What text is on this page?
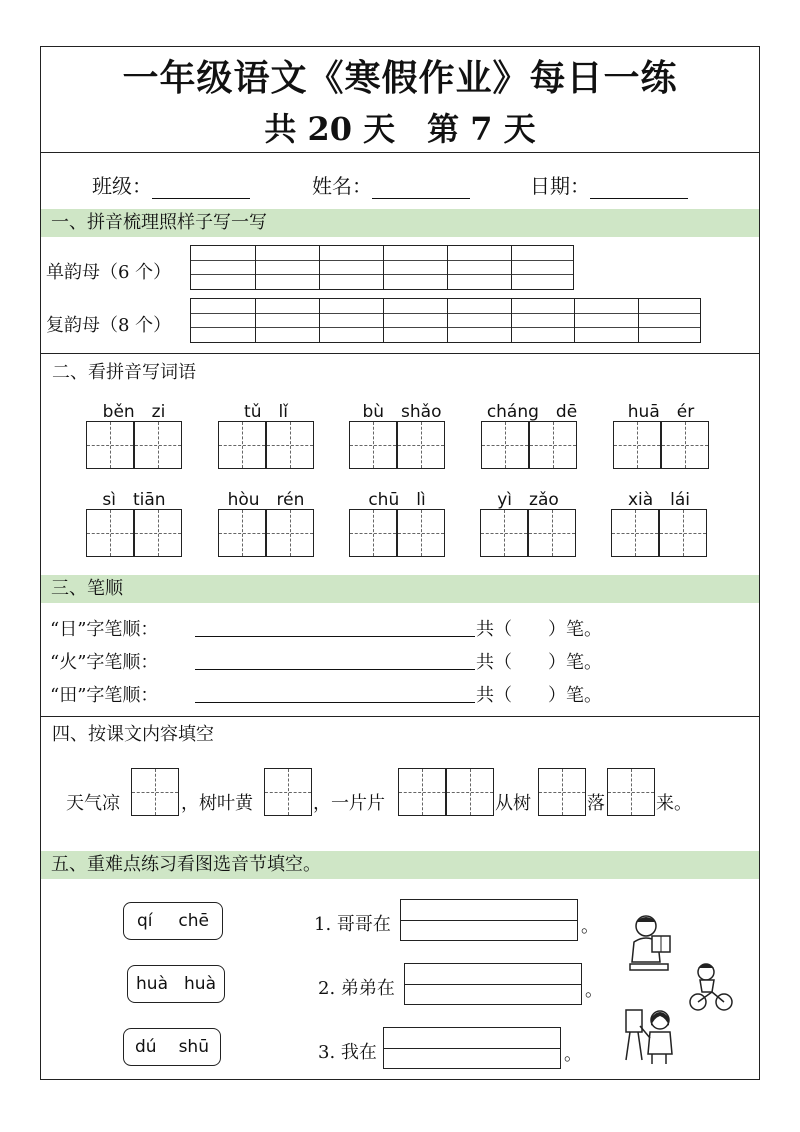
一年级语文《寒假作业》每日一练
共 20 天　第 7 天
班级：	姓名：	日期：
一、拼音梳理照样子写一写
单韵母（6 个）
复韵母（8 个）
二、看拼音写词语
běn　zi	tǔ　lǐ	bù　shǎo	cháng　dē	huā　ér
sì　tiān	hòu　rén	chū　lì	yì　zǎo	xià　lái
三、笔顺
“日”字笔顺：	共（　　）笔。
“火”字笔顺：	共（　　）笔。
“田”字笔顺：	共（　　）笔。
四、按课文内容填空
天气凉	，树叶黄	，一片片	从树	落	来。
五、重难点练习看图选音节填空。
qí chē
huà huà
dú shū
1. 哥哥在	。
2. 弟弟在	。
3. 我在	。
